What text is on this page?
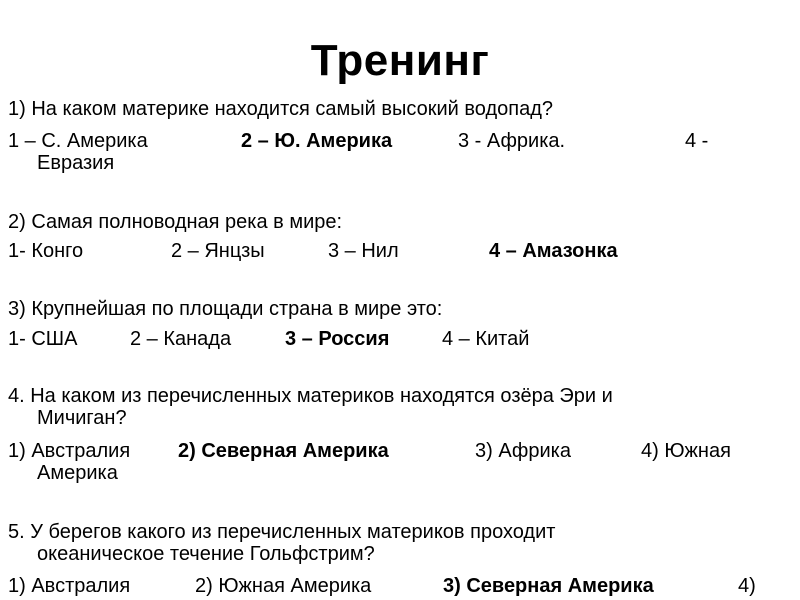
Тренинг
1) На каком материке находится самый высокий водопад?
1 – С. Америка	2 – Ю. Америка	3 - Африка.	4 -
Евразия
2) Самая полноводная река в мире:
1- Конго	2 – Янцзы	3 – Нил	4 – Амазонка
3) Крупнейшая по площади страна в мире это:
1- США	2 – Канада	3 – Россия	4 – Китай
4. На каком из перечисленных материков находятся озёра Эри и
Мичиган?
1) Австралия 2) Северная Америка	3) Африка	4) Южная
Америка
5. У берегов какого из перечисленных материков проходит
океаническое течение Гольфстрим?
1) Австралия	2) Южная Америка	3) Северная Америка	4)
